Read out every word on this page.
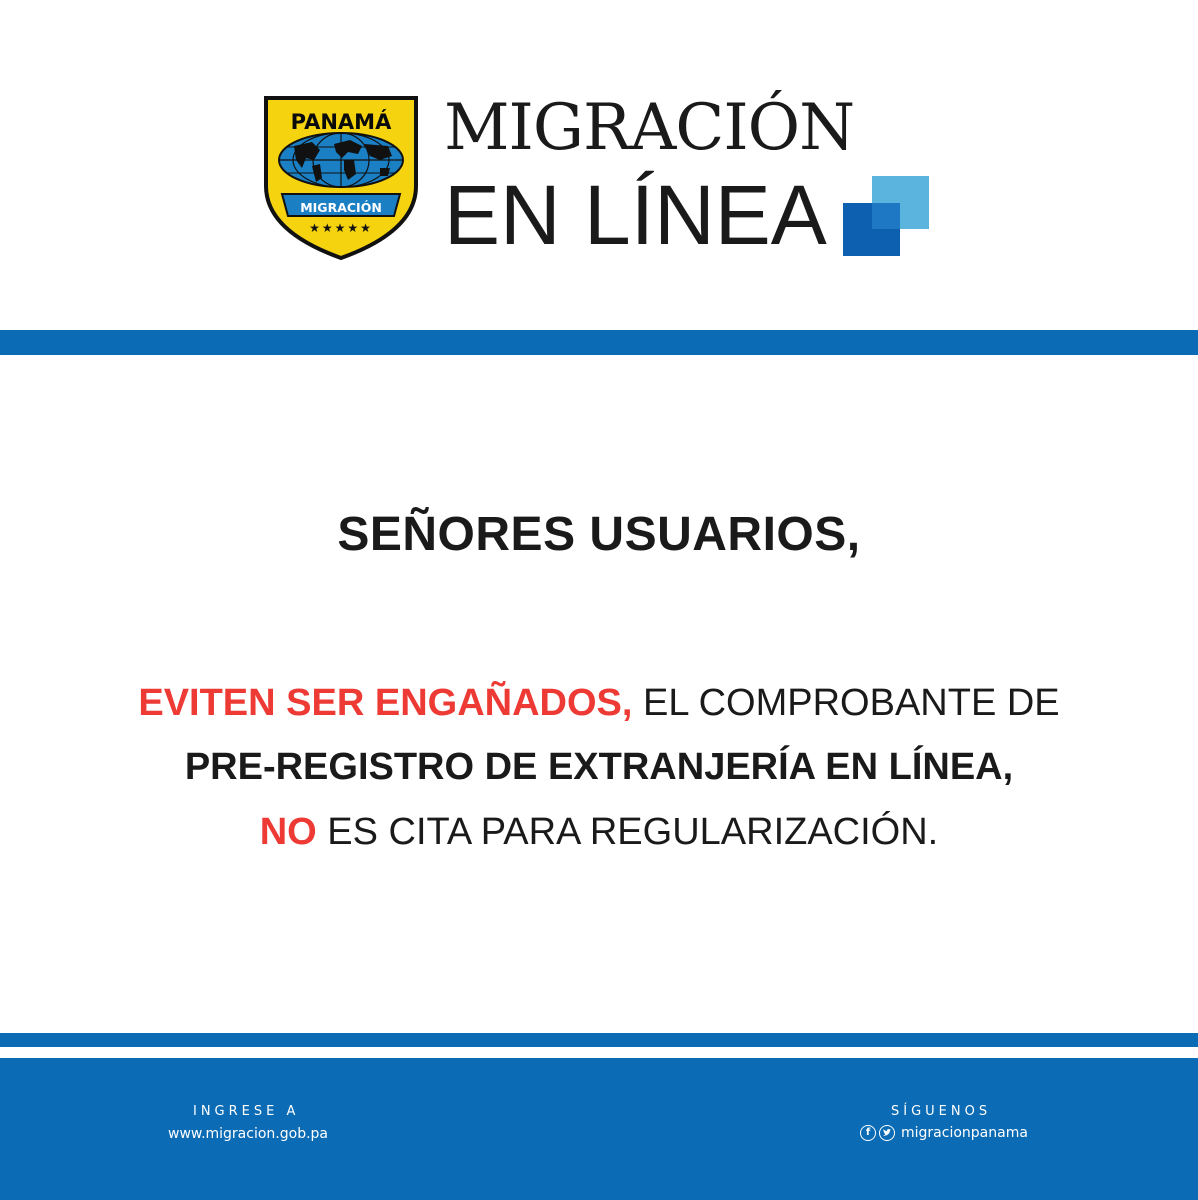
★★★★★
PANAMÁ
MIGRACIÓN
MIGRACIÓN
EN LÍNEA
SEÑORES USUARIOS,
EVITEN SER ENGAÑADOS, EL COMPROBANTE DE
PRE-REGISTRO DE EXTRANJERÍA EN LÍNEA,
NO ES CITA PARA REGULARIZACIÓN.
INGRESE A
www.migracion.gob.pa
SÍGUENOS
f	migracionpanama
